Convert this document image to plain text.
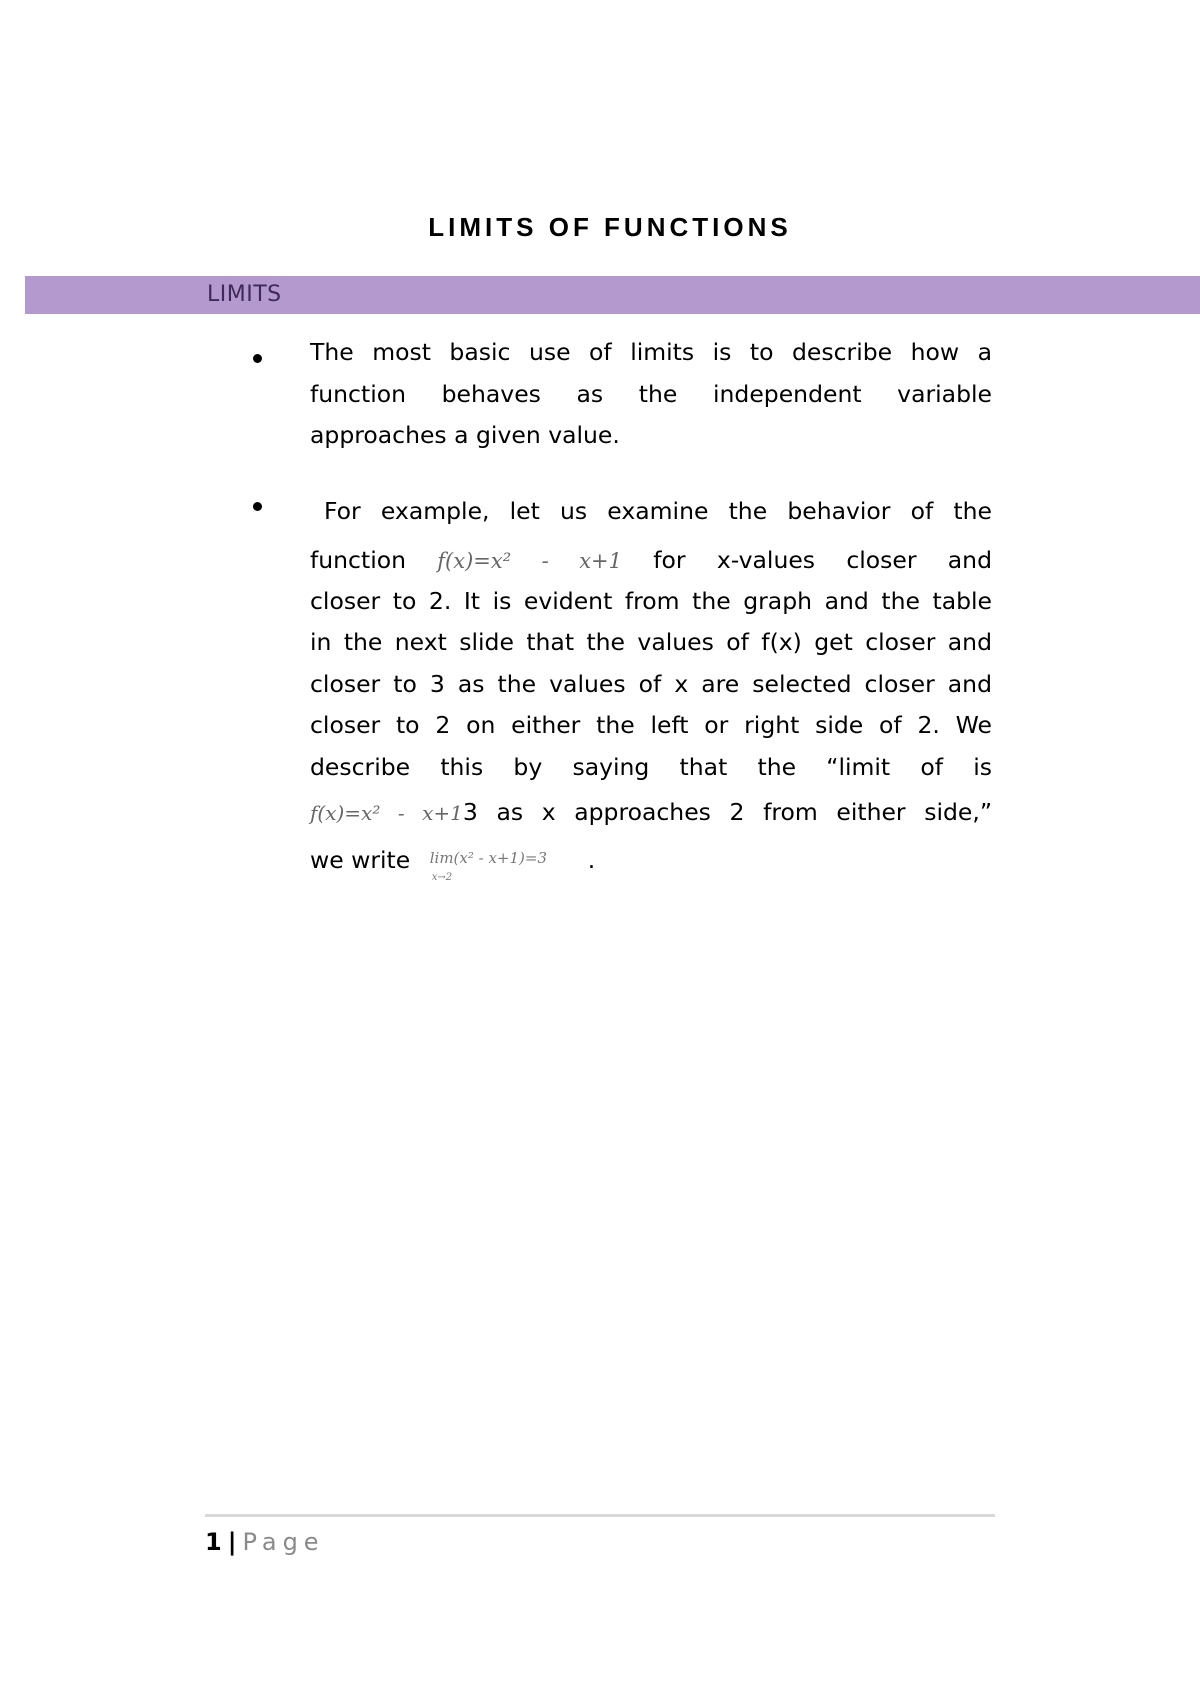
LIMITS OF FUNCTIONS
LIMITS
The most basic use of limits is to describe how a
function behaves as the independent variable
approaches a given value.
For example, let us examine the behavior of the
function f(x)=x² - x+1 for x-values closer and
closer to 2. It is evident from the graph and the table
in the next slide that the values of f(x) get closer and
closer to 3 as the values of x are selected closer and
closer to 2 on either the left or right side of 2. We
describe this by saying that the “limit of is
f(x)=x² - x+13 as x approaches 2 from either side,”
we write lim(x² - x+1)=3
x→2
.
1 | Page
